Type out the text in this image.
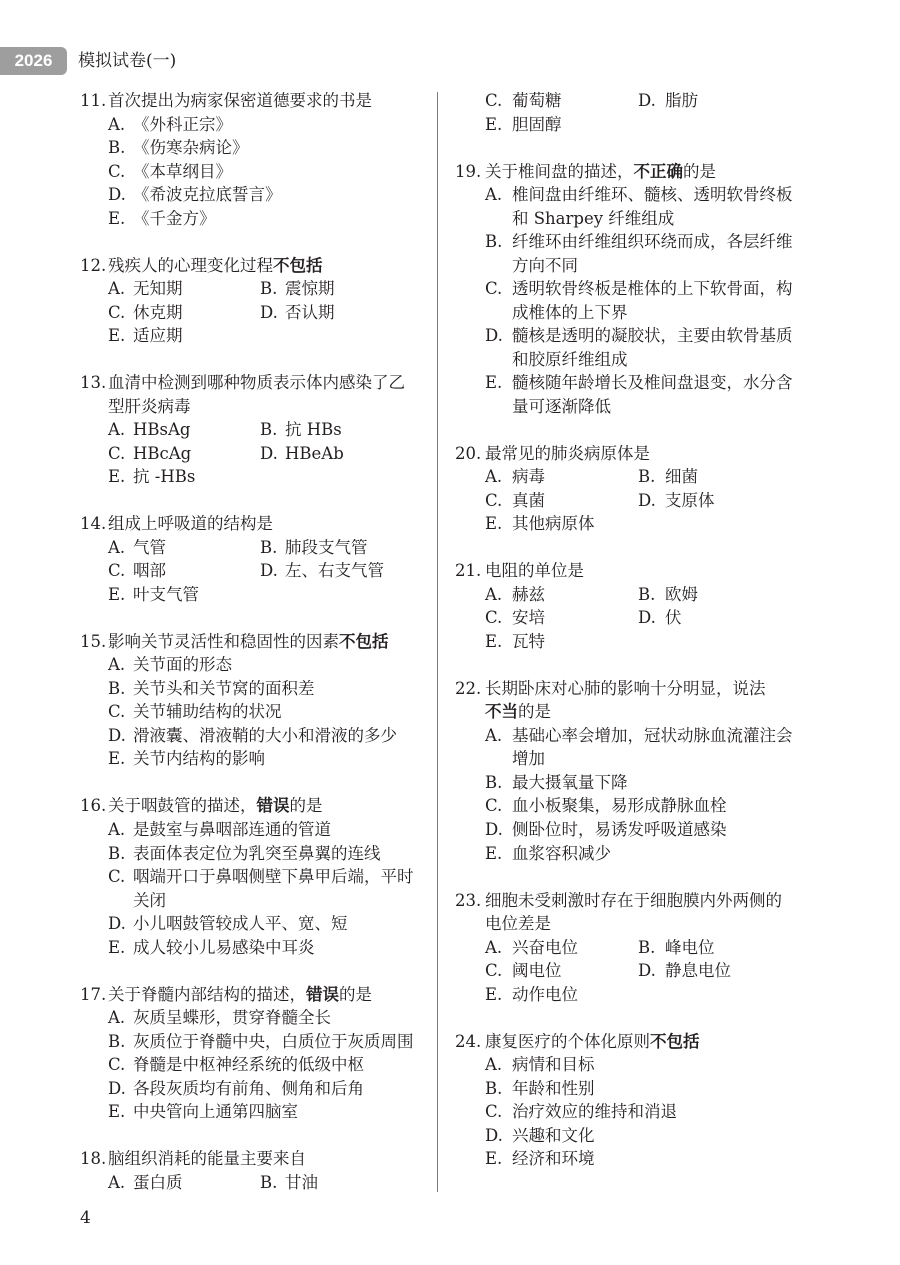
2026	模拟试卷(一)
11. 首次提出为病家保密道德要求的书是
A. 《外科正宗》
B. 《伤寒杂病论》
C. 《本草纲目》
D. 《希波克拉底誓言》
E. 《千金方》
12. 残疾人的心理变化过程不包括
A. 无知期	B. 震惊期
C. 休克期	D. 否认期
E. 适应期
13. 血清中检测到哪种物质表示体内感染了乙
型肝炎病毒
A. HBsAg	B. 抗 HBs
C. HBcAg	D. HBeAb
E. 抗 -HBs
14. 组成上呼吸道的结构是
A. 气管	B. 肺段支气管
C. 咽部	D. 左、右支气管
E. 叶支气管
15. 影响关节灵活性和稳固性的因素不包括
A. 关节面的形态
B. 关节头和关节窝的面积差
C. 关节辅助结构的状况
D. 滑液囊、滑液鞘的大小和滑液的多少
E. 关节内结构的影响
16. 关于咽鼓管的描述，错误的是
A. 是鼓室与鼻咽部连通的管道
B. 表面体表定位为乳突至鼻翼的连线
C. 咽端开口于鼻咽侧壁下鼻甲后端，平时
关闭
D. 小儿咽鼓管较成人平、宽、短
E. 成人较小儿易感染中耳炎
17. 关于脊髓内部结构的描述，错误的是
A. 灰质呈蝶形，贯穿脊髓全长
B. 灰质位于脊髓中央，白质位于灰质周围
C. 脊髓是中枢神经系统的低级中枢
D. 各段灰质均有前角、侧角和后角
E. 中央管向上通第四脑室
18. 脑组织消耗的能量主要来自
A. 蛋白质	B. 甘油
C. 葡萄糖	D. 脂肪
E. 胆固醇
19. 关于椎间盘的描述，不正确的是
A. 椎间盘由纤维环、髓核、透明软骨终板
和 Sharpey 纤维组成
B. 纤维环由纤维组织环绕而成，各层纤维
方向不同
C. 透明软骨终板是椎体的上下软骨面，构
成椎体的上下界
D. 髓核是透明的凝胶状，主要由软骨基质
和胶原纤维组成
E. 髓核随年龄增长及椎间盘退变，水分含
量可逐渐降低
20. 最常见的肺炎病原体是
A. 病毒	B. 细菌
C. 真菌	D. 支原体
E. 其他病原体
21. 电阻的单位是
A. 赫兹	B. 欧姆
C. 安培	D. 伏
E. 瓦特
22. 长期卧床对心肺的影响十分明显，说法
不当的是
A. 基础心率会增加，冠状动脉血流灌注会
增加
B. 最大摄氧量下降
C. 血小板聚集，易形成静脉血栓
D. 侧卧位时，易诱发呼吸道感染
E. 血浆容积减少
23. 细胞未受刺激时存在于细胞膜内外两侧的
电位差是
A. 兴奋电位	B. 峰电位
C. 阈电位	D. 静息电位
E. 动作电位
24. 康复医疗的个体化原则不包括
A. 病情和目标
B. 年龄和性别
C. 治疗效应的维持和消退
D. 兴趣和文化
E. 经济和环境
4
